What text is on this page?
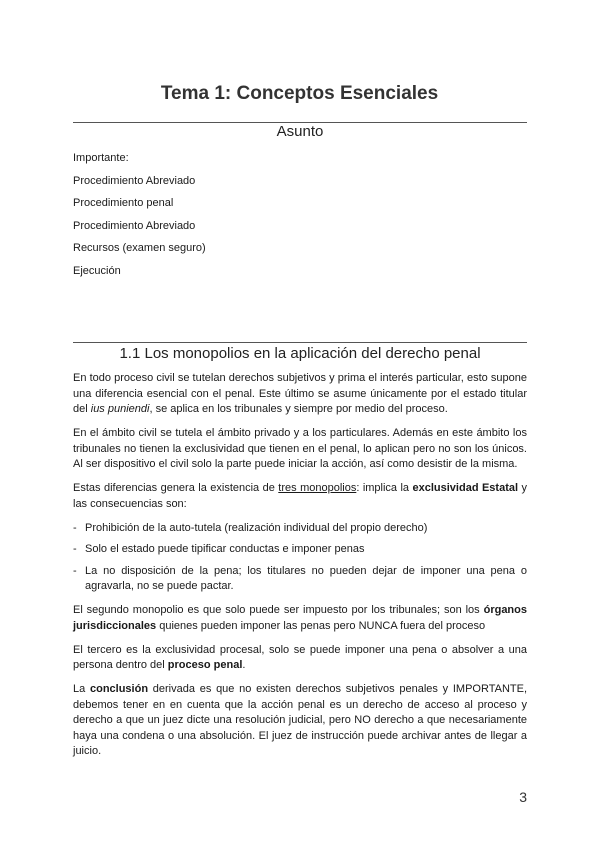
Tema 1: Conceptos Esenciales
Asunto
Importante:
Procedimiento Abreviado
Procedimiento penal
Procedimiento Abreviado
Recursos (examen seguro)
Ejecución
1.1 Los monopolios en la aplicación del derecho penal

En todo proceso civil se tutelan derechos subjetivos y prima el interés particular, esto supone una diferencia esencial con el penal. Este último se asume únicamente por el estado titular del ius puniendi, se aplica en los tribunales y siempre por medio del proceso.

En el ámbito civil se tutela el ámbito privado y a los particulares. Además en este ámbito los tribunales no tienen la exclusividad que tienen en el penal, lo aplican pero no son los únicos. Al ser dispositivo el civil solo la parte puede iniciar la acción, así como desistir de la misma.

Estas diferencias genera la existencia de tres monopolios: implica la exclusividad Estatal y las consecuencias son:

- Prohibición de la auto-tutela (realización individual del propio derecho)
- Solo el estado puede tipificar conductas e imponer penas
- La no disposición de la pena; los titulares no pueden dejar de imponer una pena o agravarla, no se puede pactar.

El segundo monopolio es que solo puede ser impuesto por los tribunales; son los órganos jurisdiccionales quienes pueden imponer las penas pero NUNCA fuera del proceso

El tercero es la exclusividad procesal, solo se puede imponer una pena o absolver a una persona dentro del proceso penal.

La conclusión derivada es que no existen derechos subjetivos penales y IMPORTANTE, debemos tener en en cuenta que la acción penal es un derecho de acceso al proceso y derecho a que un juez dicte una resolución judicial, pero NO derecho a que necesariamente haya una condena o una absolución. El juez de instrucción puede archivar antes de llegar a juicio.

3
